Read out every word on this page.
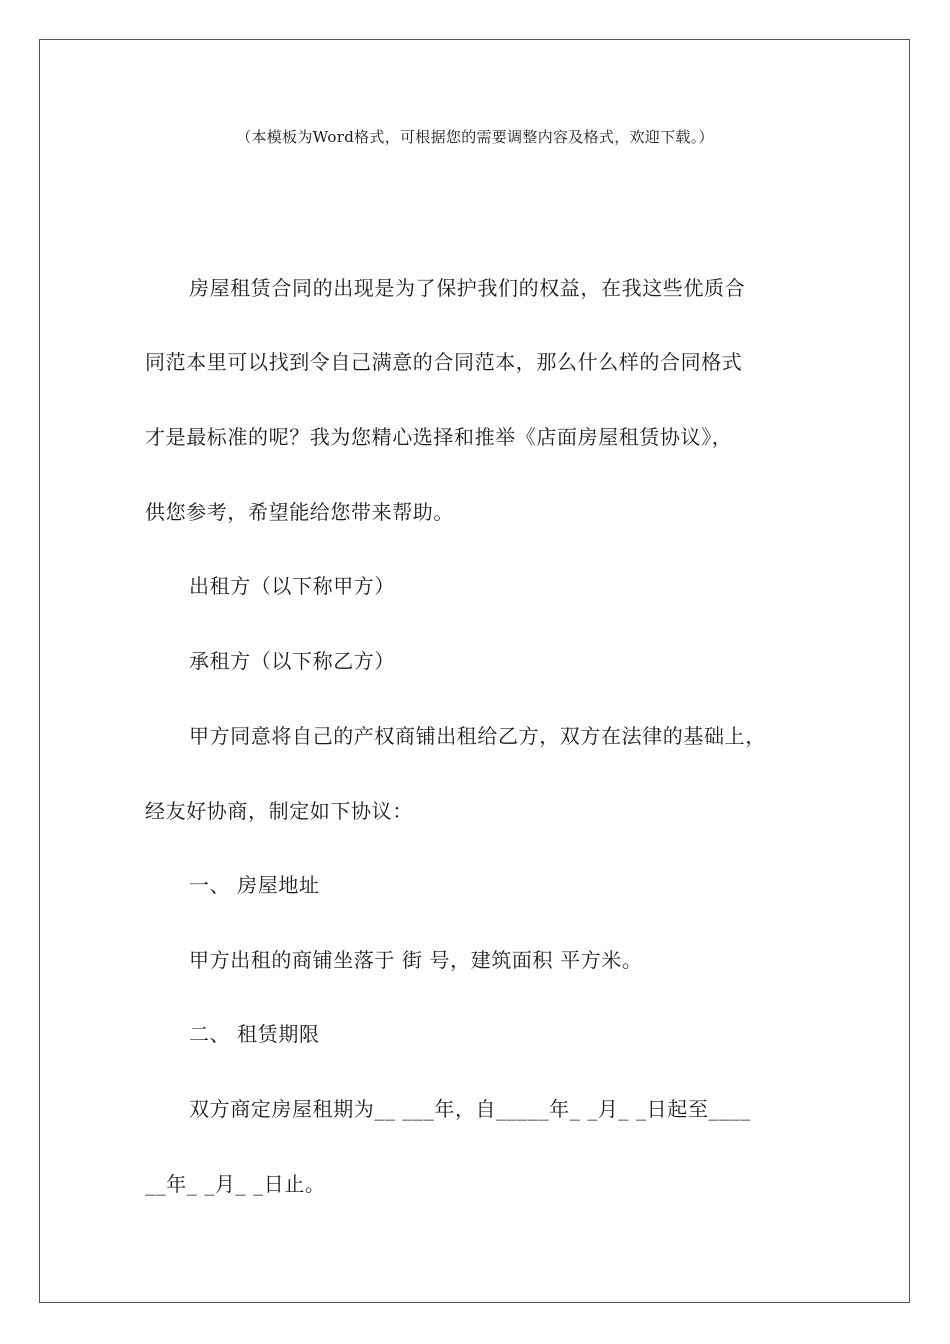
（本模板为Word格式，可根据您的需要调整内容及格式，欢迎下载。）
房屋租赁合同的出现是为了保护我们的权益，在我这些优质合
同范本里可以找到令自己满意的合同范本，那么什么样的合同格式
才是最标准的呢？我为您精心选择和推举《店面房屋租赁协议》，
供您参考，希望能给您带来帮助。
出租方（以下称甲方）
承租方（以下称乙方）
甲方同意将自己的产权商铺出租给乙方，双方在法律的基础上，
经友好协商，制定如下协议：
一、 房屋地址
甲方出租的商铺坐落于 街 号，建筑面积 平方米。
二、 租赁期限
双方商定房屋租期为__ ___年，自_____年_ _月_ _日起至____
__年_ _月_ _日止。
